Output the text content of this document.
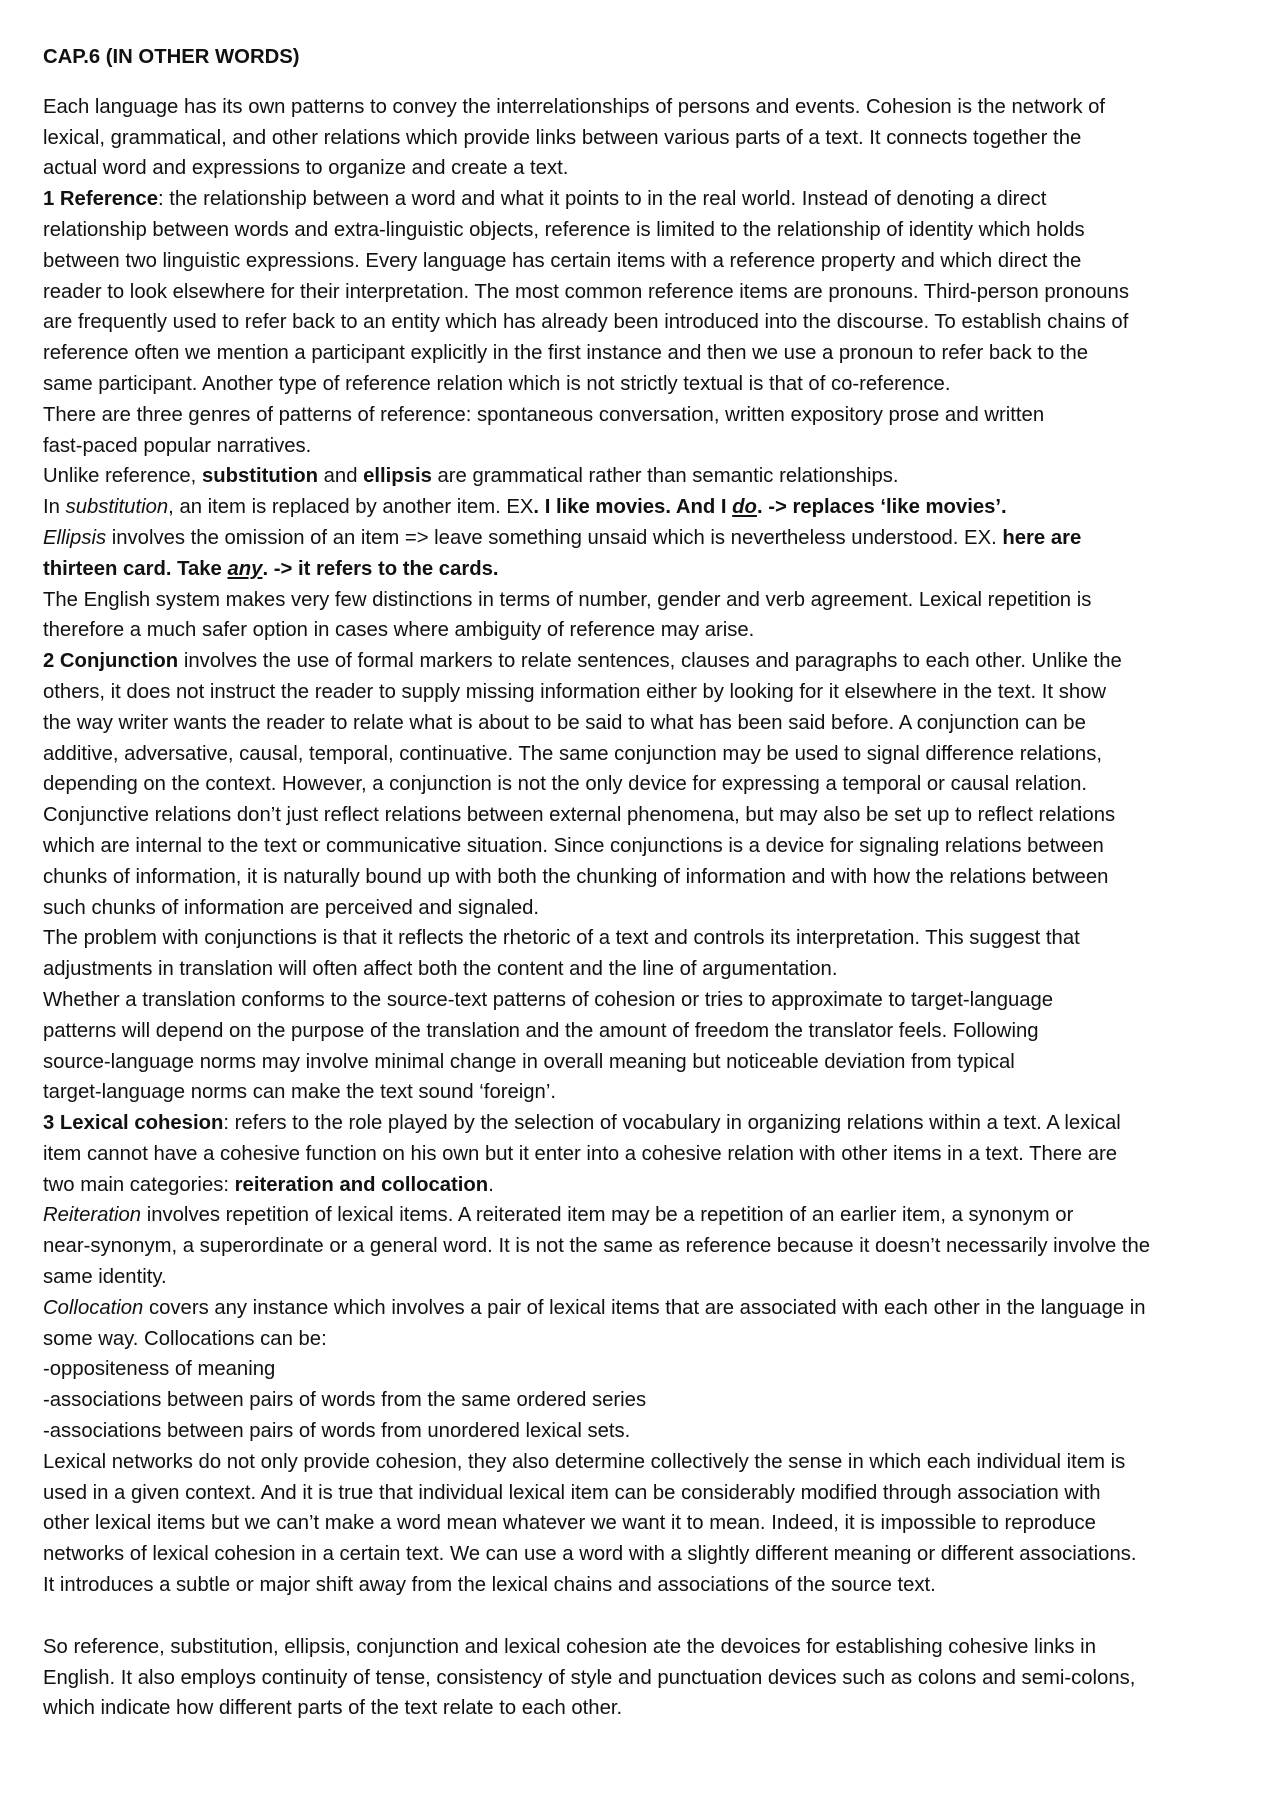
CAP.6 (IN OTHER WORDS)
Each language has its own patterns to convey the interrelationships of persons and events. Cohesion is the network of
lexical, grammatical, and other relations which provide links between various parts of a text. It connects together the
actual word and expressions to organize and create a text.
1 Reference: the relationship between a word and what it points to in the real world. Instead of denoting a direct
relationship between words and extra-linguistic objects, reference is limited to the relationship of identity which holds
between two linguistic expressions. Every language has certain items with a reference property and which direct the
reader to look elsewhere for their interpretation. The most common reference items are pronouns. Third-person pronouns
are frequently used to refer back to an entity which has already been introduced into the discourse. To establish chains of
reference often we mention a participant explicitly in the first instance and then we use a pronoun to refer back to the
same participant. Another type of reference relation which is not strictly textual is that of co-reference.
There are three genres of patterns of reference: spontaneous conversation, written expository prose and written
fast-paced popular narratives.
Unlike reference, substitution and ellipsis are grammatical rather than semantic relationships.
In substitution, an item is replaced by another item. EX. I like movies. And I do. -> replaces ‘like movies’.
Ellipsis involves the omission of an item => leave something unsaid which is nevertheless understood. EX. here are
thirteen card. Take any. -> it refers to the cards.
The English system makes very few distinctions in terms of number, gender and verb agreement. Lexical repetition is
therefore a much safer option in cases where ambiguity of reference may arise.
2 Conjunction involves the use of formal markers to relate sentences, clauses and paragraphs to each other. Unlike the
others, it does not instruct the reader to supply missing information either by looking for it elsewhere in the text. It show
the way writer wants the reader to relate what is about to be said to what has been said before. A conjunction can be
additive, adversative, causal, temporal, continuative. The same conjunction may be used to signal difference relations,
depending on the context. However, a conjunction is not the only device for expressing a temporal or causal relation.
Conjunctive relations don’t just reflect relations between external phenomena, but may also be set up to reflect relations
which are internal to the text or communicative situation. Since conjunctions is a device for signaling relations between
chunks of information, it is naturally bound up with both the chunking of information and with how the relations between
such chunks of information are perceived and signaled.
The problem with conjunctions is that it reflects the rhetoric of a text and controls its interpretation. This suggest that
adjustments in translation will often affect both the content and the line of argumentation.
Whether a translation conforms to the source-text patterns of cohesion or tries to approximate to target-language
patterns will depend on the purpose of the translation and the amount of freedom the translator feels. Following
source-language norms may involve minimal change in overall meaning but noticeable deviation from typical
target-language norms can make the text sound ‘foreign’.
3 Lexical cohesion: refers to the role played by the selection of vocabulary in organizing relations within a text. A lexical
item cannot have a cohesive function on his own but it enter into a cohesive relation with other items in a text. There are
two main categories: reiteration and collocation.
Reiteration involves repetition of lexical items. A reiterated item may be a repetition of an earlier item, a synonym or
near-synonym, a superordinate or a general word. It is not the same as reference because it doesn’t necessarily involve the
same identity.
Collocation covers any instance which involves a pair of lexical items that are associated with each other in the language in
some way. Collocations can be:
-oppositeness of meaning
-associations between pairs of words from the same ordered series
-associations between pairs of words from unordered lexical sets.
Lexical networks do not only provide cohesion, they also determine collectively the sense in which each individual item is
used in a given context. And it is true that individual lexical item can be considerably modified through association with
other lexical items but we can’t make a word mean whatever we want it to mean. Indeed, it is impossible to reproduce
networks of lexical cohesion in a certain text. We can use a word with a slightly different meaning or different associations.
It introduces a subtle or major shift away from the lexical chains and associations of the source text.
So reference, substitution, ellipsis, conjunction and lexical cohesion ate the devoices for establishing cohesive links in
English. It also employs continuity of tense, consistency of style and punctuation devices such as colons and semi-colons,
which indicate how different parts of the text relate to each other.
